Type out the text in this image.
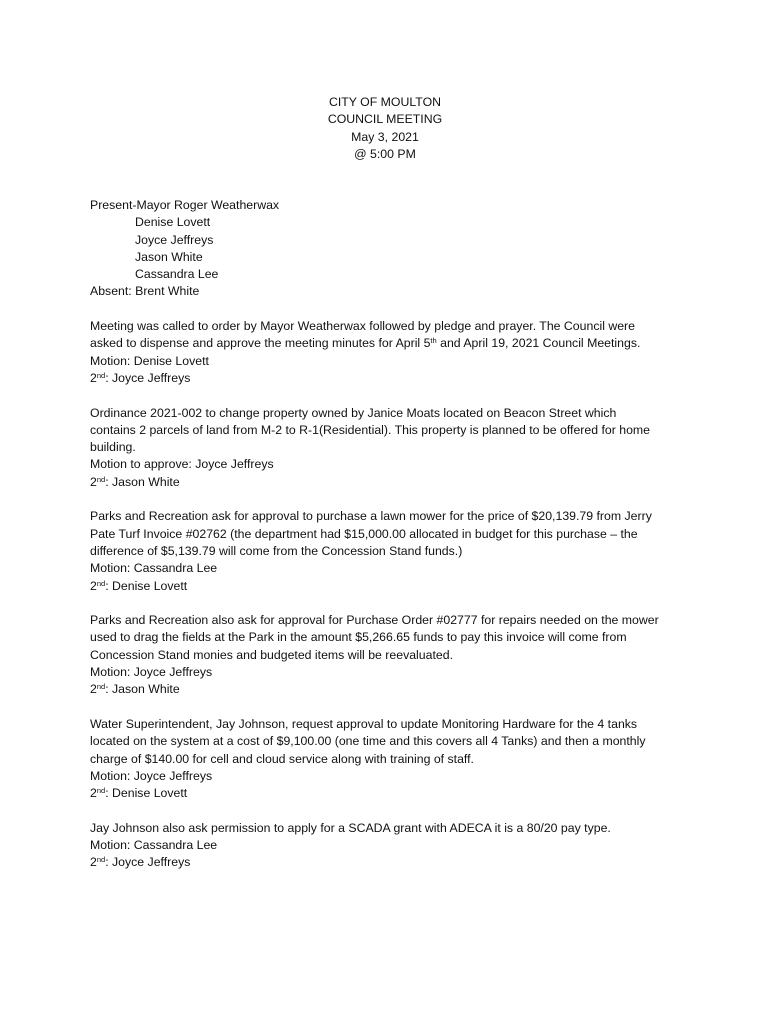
CITY OF MOULTON
COUNCIL MEETING
May 3, 2021
@ 5:00 PM
Present-Mayor Roger Weatherwax
Denise Lovett
Joyce Jeffreys
Jason White
Cassandra Lee
Absent: Brent White
Meeting was called to order by Mayor Weatherwax followed by pledge and prayer. The Council were
asked to dispense and approve the meeting minutes for April 5th and April 19, 2021 Council Meetings.
Motion: Denise Lovett
2nd: Joyce Jeffreys
Ordinance 2021-002 to change property owned by Janice Moats located on Beacon Street which
contains 2 parcels of land from M-2 to R-1(Residential). This property is planned to be offered for home
building.
Motion to approve: Joyce Jeffreys
2nd: Jason White
Parks and Recreation ask for approval to purchase a lawn mower for the price of $20,139.79 from Jerry
Pate Turf Invoice #02762 (the department had $15,000.00 allocated in budget for this purchase – the
difference of $5,139.79 will come from the Concession Stand funds.)
Motion: Cassandra Lee
2nd: Denise Lovett
Parks and Recreation also ask for approval for Purchase Order #02777 for repairs needed on the mower
used to drag the fields at the Park in the amount $5,266.65 funds to pay this invoice will come from
Concession Stand monies and budgeted items will be reevaluated.
Motion: Joyce Jeffreys
2nd: Jason White
Water Superintendent, Jay Johnson, request approval to update Monitoring Hardware for the 4 tanks
located on the system at a cost of $9,100.00 (one time and this covers all 4 Tanks) and then a monthly
charge of $140.00 for cell and cloud service along with training of staff.
Motion: Joyce Jeffreys
2nd: Denise Lovett
Jay Johnson also ask permission to apply for a SCADA grant with ADECA it is a 80/20 pay type.
Motion: Cassandra Lee
2nd: Joyce Jeffreys
